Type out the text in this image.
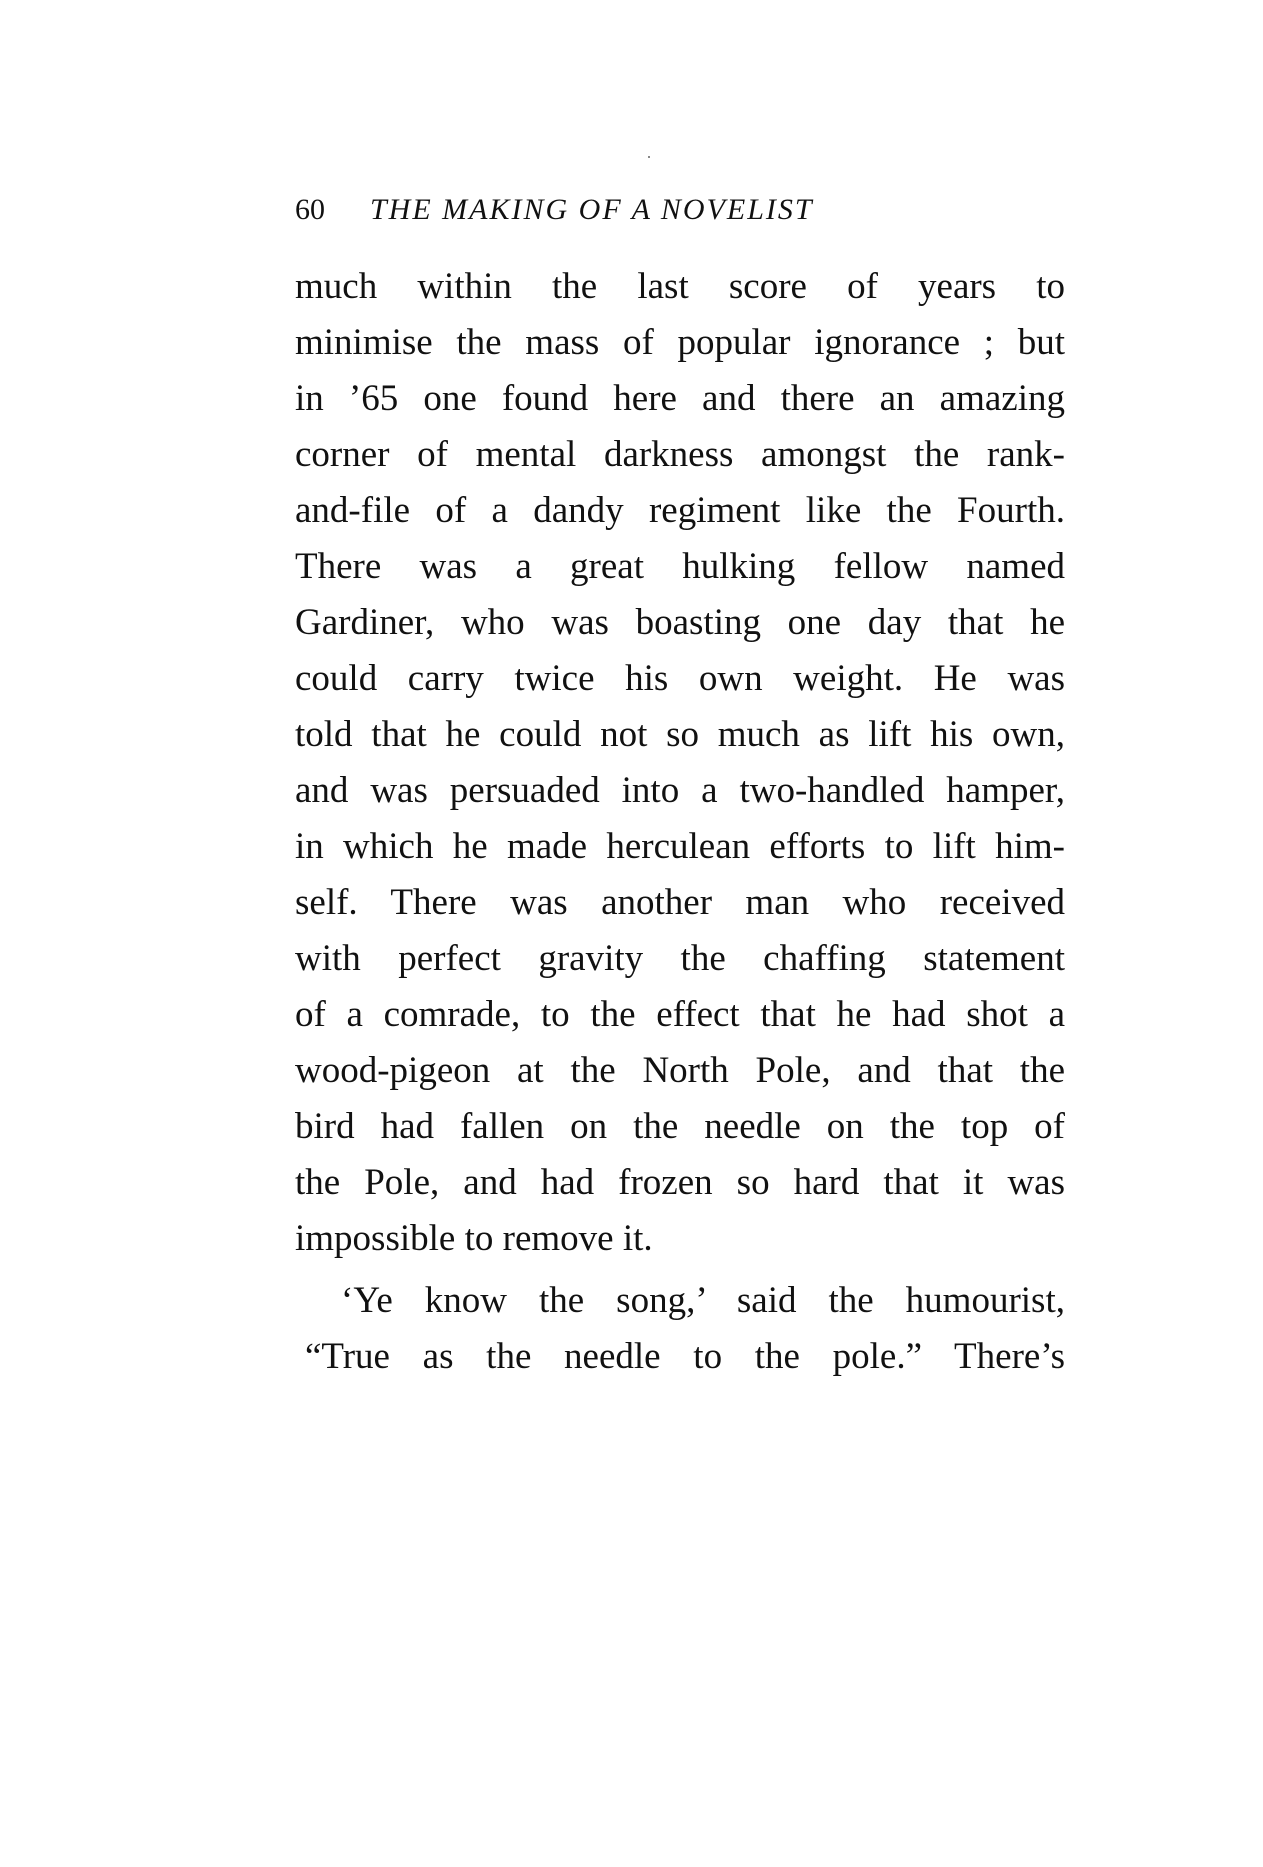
60 THE MAKING OF A NOVELIST
much within the last score of years to
minimise the mass of popular ignorance ; but
in ’65 one found here and there an amazing
corner of mental darkness amongst the rank-
and-file of a dandy regiment like the Fourth.
There was a great hulking fellow named
Gardiner, who was boasting one day that he
could carry twice his own weight. He was
told that he could not so much as lift his own,
and was persuaded into a two-handled hamper,
in which he made herculean efforts to lift him-
self. There was another man who received
with perfect gravity the chaffing statement
of a comrade, to the effect that he had shot a
wood-pigeon at the North Pole, and that the
bird had fallen on the needle on the top of
the Pole, and had frozen so hard that it was
impossible to remove it.
‘Ye know the song,’ said the humourist,
“True as the needle to the pole.” There’s
